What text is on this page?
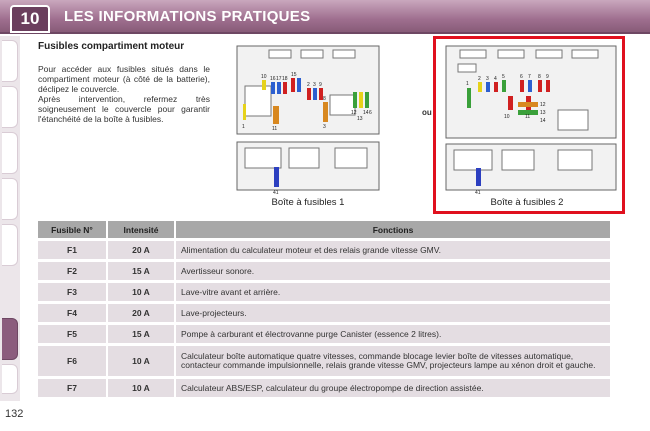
10	LES INFORMATIONS PRATIQUES
132
Fusibles compartiment moteur

Pour accéder aux fusibles situés dans le compartiment moteur (à côté de la batterie), déclipez le couvercle.

Après intervention, refermez très soigneusement le couvercle pour garantir l'étanchéité de la boîte à fusibles.

10 16 17 18
15
2 3 9
1	11
8
3
12
13
14 6
41
Boîte à fusibles 1
ou
1
2 3 4 5	6 7 8 9
10	11
12
13
14
41
Boîte à fusibles 2
Fusible N°	Intensité	Fonctions
F1	20 A	Alimentation du calculateur moteur et des relais grande vitesse GMV.
F2	15 A	Avertisseur sonore.
F3	10 A	Lave-vitre avant et arrière.
F4	20 A	Lave-projecteurs.
F5	15 A	Pompe à carburant et électrovanne purge Canister (essence 2 litres).
F6	10 A	Calculateur boîte automatique quatre vitesses, commande blocage levier boîte de vitesses automatique, contacteur commande impulsionnelle, relais grande vitesse GMV, projecteurs lampe au xénon droit et gauche.
F7	10 A	Calculateur ABS/ESP, calculateur du groupe électropompe de direction assistée.
